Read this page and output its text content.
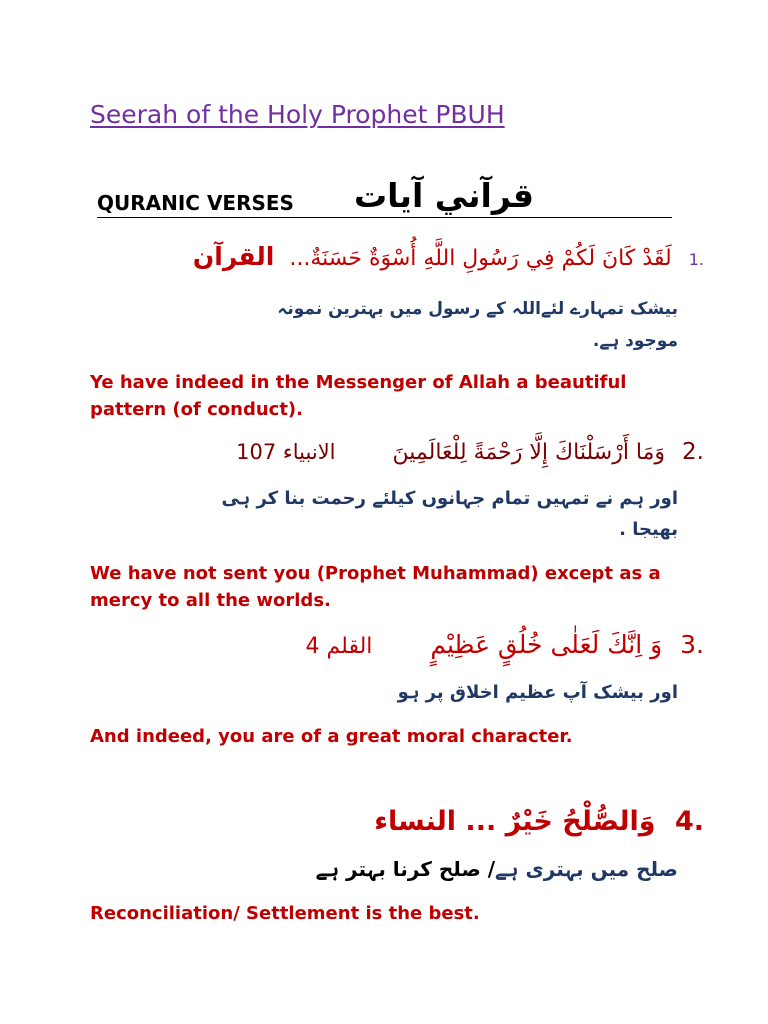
Seerah of the Holy Prophet PBUH
QURANIC VERSES قرآني آيات
1. لَقَدْ كَانَ لَكُمْ فِي رَسُولِ اللَّهِ أُسْوَةٌ حَسَنَةٌ... القرآن
بیشک تمہارے لئےاللہ کے رسول میں بہترین نمونہ
موجود ہے.
Ye have indeed in the Messenger of Allah a beautiful pattern (of conduct).
2. وَمَا أَرْسَلْنَاكَ إِلَّا رَحْمَةً لِلْعَالَمِينَ الانبياء 107
اور ہم نے تمہیں تمام جہانوں کیلئے رحمت بنا کر ہی
بھیجا .
We have not sent you (Prophet Muhammad) except as a mercy to all the worlds.
3. وَ اِنَّكَ لَعَلٰی خُلُقٍ عَظِیْمٍ القلم 4
اور بیشک آپ عظیم اخلاق پر ہو
And indeed, you are of a great moral character.
4. وَالصُّلْحُ خَيْرٌ ... النساء
صلح میں بہتری ہے/ صلح کرنا بہتر ہے
Reconciliation/ Settlement is the best.
